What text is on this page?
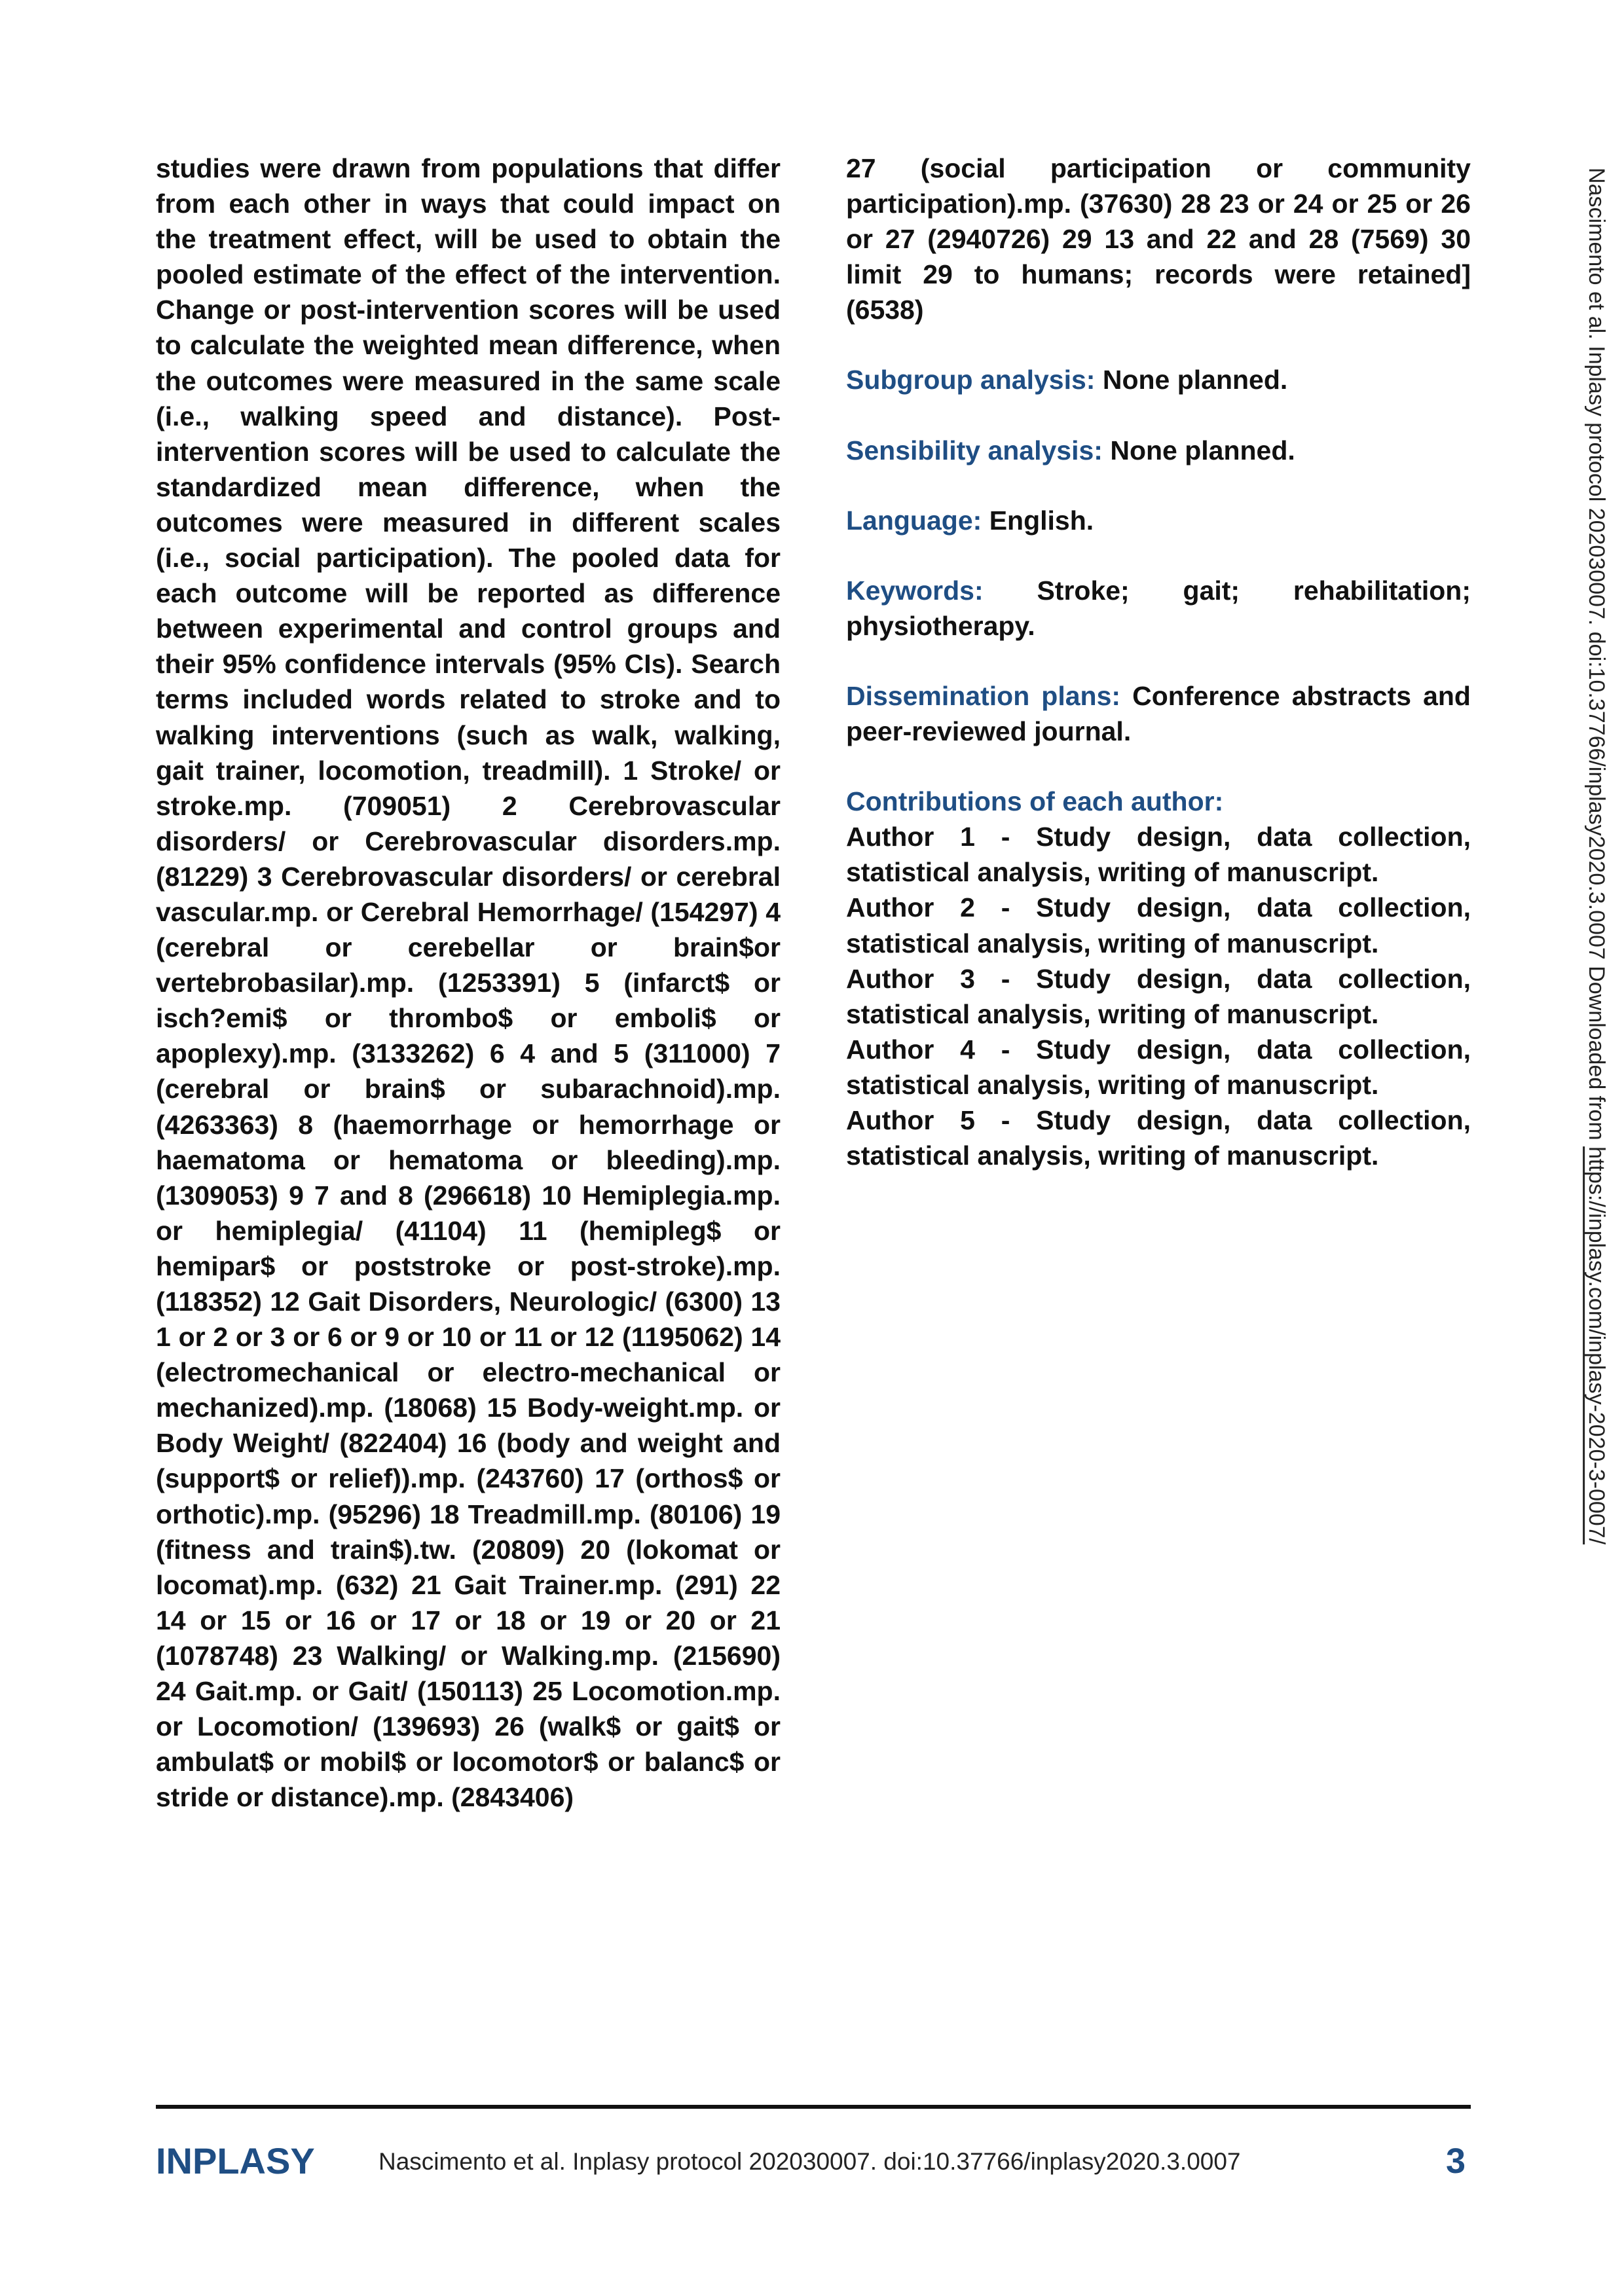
studies were drawn from populations that differ from each other in ways that could impact on the treatment effect, will be used to obtain the pooled estimate of the effect of the intervention. Change or post-intervention scores will be used to calculate the weighted mean difference, when the outcomes were measured in the same scale (i.e., walking speed and distance). Post-intervention scores will be used to calculate the standardized mean difference, when the outcomes were measured in different scales (i.e., social participation). The pooled data for each outcome will be reported as difference between experimental and control groups and their 95% confidence intervals (95% CIs). Search terms included words related to stroke and to walking interventions (such as walk, walking, gait trainer, locomotion, treadmill). 1 Stroke/ or stroke.mp. (709051) 2 Cerebrovascular disorders/ or Cerebrovascular disorders.mp. (81229) 3 Cerebrovascular disorders/ or cerebral vascular.mp. or Cerebral Hemorrhage/ (154297) 4 (cerebral or cerebellar or brain$or vertebrobasilar).mp. (1253391) 5 (infarct$ or isch?emi$ or thrombo$ or emboli$ or apoplexy).mp. (3133262) 6 4 and 5 (311000) 7 (cerebral or brain$ or subarachnoid).mp. (4263363) 8 (haemorrhage or hemorrhage or haematoma or hematoma or bleeding).mp. (1309053) 9 7 and 8 (296618) 10 Hemiplegia.mp. or hemiplegia/ (41104) 11 (hemipleg$ or hemipar$ or poststroke or post-stroke).mp. (118352) 12 Gait Disorders, Neurologic/ (6300) 13 1 or 2 or 3 or 6 or 9 or 10 or 11 or 12 (1195062) 14 (electromechanical or electro-mechanical or mechanized).mp. (18068) 15 Body-weight.mp. or Body Weight/ (822404) 16 (body and weight and (support$ or relief)).mp. (243760) 17 (orthos$ or orthotic).mp. (95296) 18 Treadmill.mp. (80106) 19 (fitness and train$).tw. (20809) 20 (lokomat or locomat).mp. (632) 21 Gait Trainer.mp. (291) 22 14 or 15 or 16 or 17 or 18 or 19 or 20 or 21 (1078748) 23 Walking/ or Walking.mp. (215690) 24 Gait.mp. or Gait/ (150113) 25 Locomotion.mp. or Locomotion/ (139693) 26 (walk$ or gait$ or ambulat$ or mobil$ or locomotor$ or balanc$ or stride or distance).mp. (2843406)

27 (social participation or community participation).mp. (37630) 28 23 or 24 or 25 or 26 or 27 (2940726) 29 13 and 22 and 28 (7569) 30 limit 29 to humans; records were retained] (6538)

Subgroup analysis: None planned.

Sensibility analysis: None planned.

Language: English.

Keywords: Stroke; gait; rehabilitation; physiotherapy.

Dissemination plans: Conference abstracts and peer-reviewed journal.

Contributions of each author:

Author 1 - Study design, data collection, statistical analysis, writing of manuscript.

Author 2 - Study design, data collection, statistical analysis, writing of manuscript.

Author 3 - Study design, data collection, statistical analysis, writing of manuscript.

Author 4 - Study design, data collection, statistical analysis, writing of manuscript.

Author 5 - Study design, data collection, statistical analysis, writing of manuscript.

Nascimento et al. Inplasy protocol 202030007. doi:10.37766/inplasy2020.3.0007 Downloaded from https://inplasy.com/inplasy-2020-3-0007/
INPLASY	Nascimento et al. Inplasy protocol 202030007. doi:10.37766/inplasy2020.3.0007	3
